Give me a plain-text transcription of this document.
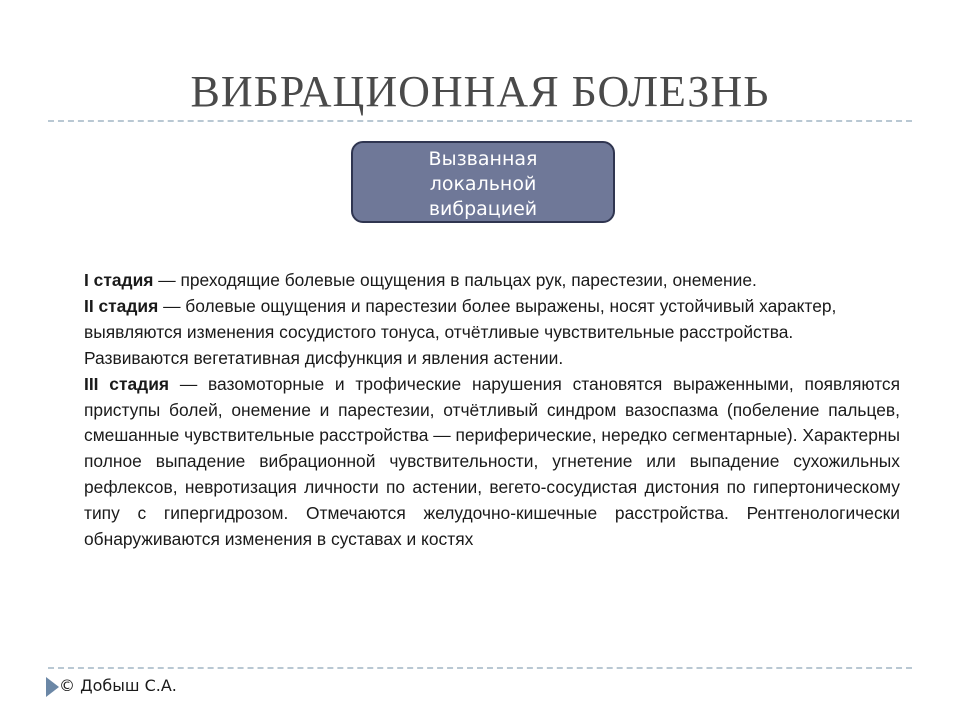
ВИБРАЦИОННАЯ БОЛЕЗНЬ
Вызванная локальной вибрацией

I стадия — преходящие болевые ощущения в пальцах рук, парестезии, онемение.

II стадия — болевые ощущения и парестезии более выражены, носят устойчивый характер, выявляются изменения сосудистого тонуса, отчётливые чувствительные расстройства. Развиваются вегетативная дисфункция и явления астении.

III стадия — вазомоторные и трофические нарушения становятся выраженными, появляются приступы болей, онемение и парестезии, отчётливый синдром вазоспазма (побеление пальцев, смешанные чувствительные расстройства — периферические, нередко сегментарные). Характерны полное выпадение вибрационной чувствительности, угнетение или выпадение сухожильных рефлексов, невротизация личности по астении, вегето-сосудистая дистония по гипертоническому типу с гипергидрозом. Отмечаются желудочно-кишечные расстройства. Рентгенологически обнаруживаются изменения в суставах и костях

© Добыш С.А.
